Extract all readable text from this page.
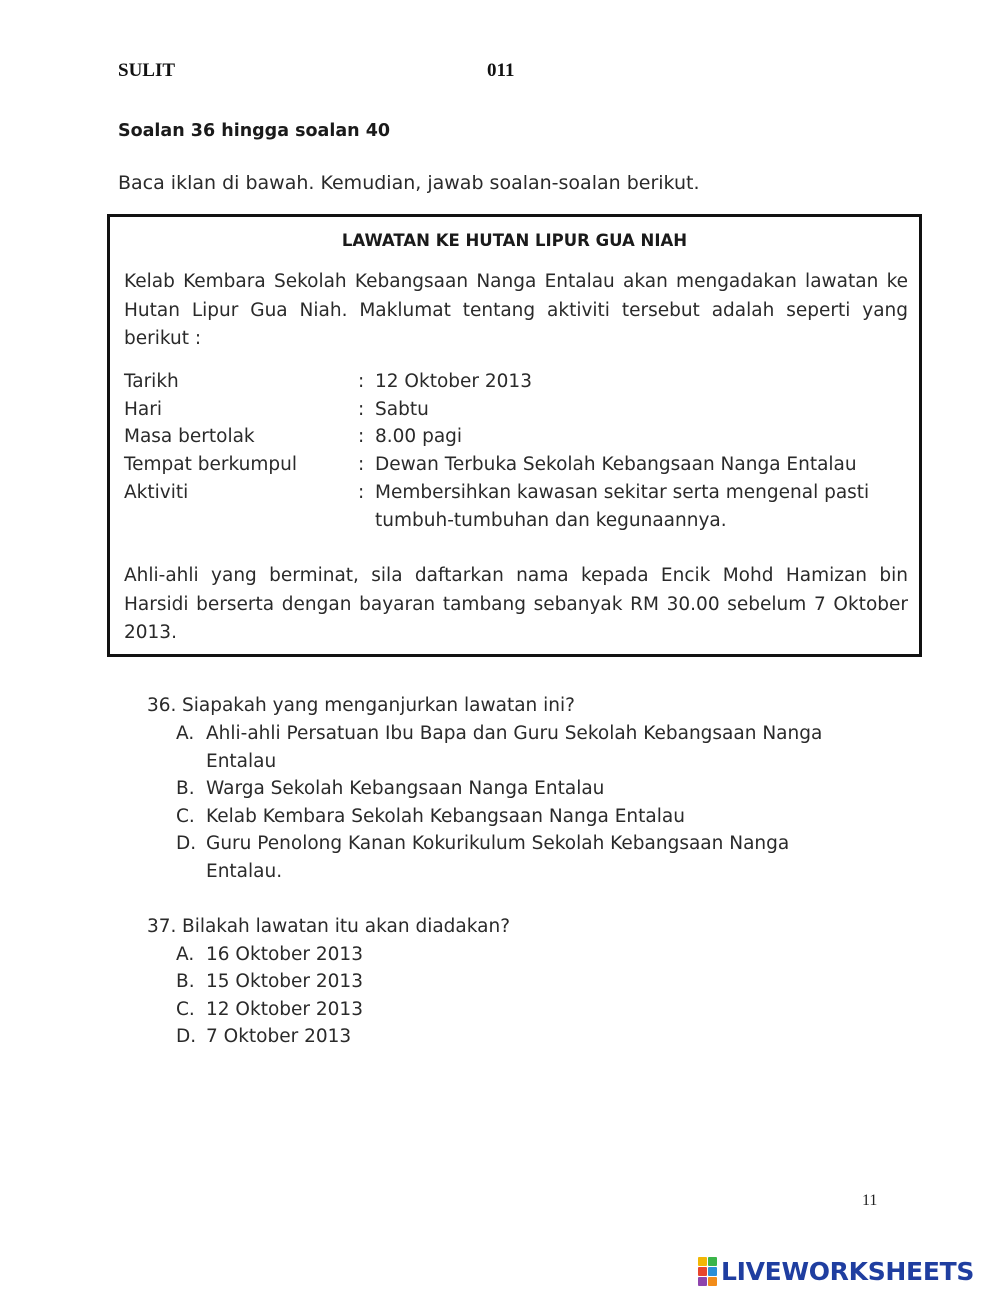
SULIT	011
Soalan 36 hingga soalan 40
Baca iklan di bawah. Kemudian, jawab soalan-soalan berikut.
LAWATAN KE HUTAN LIPUR GUA NIAH
Kelab Kembara Sekolah Kebangsaan Nanga Entalau akan mengadakan lawatan ke Hutan Lipur Gua Niah. Maklumat tentang aktiviti tersebut adalah seperti yang berikut :
Tarikh	: 12 Oktober 2013
Hari	: Sabtu
Masa bertolak	: 8.00 pagi
Tempat berkumpul	: Dewan Terbuka Sekolah Kebangsaan Nanga Entalau
Aktiviti	: Membersihkan kawasan sekitar serta mengenal pasti tumbuh-tumbuhan dan kegunaannya.
Ahli-ahli yang berminat, sila daftarkan nama kepada Encik Mohd Hamizan bin Harsidi berserta dengan bayaran tambang sebanyak RM 30.00 sebelum 7 Oktober 2013.
36. Siapakah yang menganjurkan lawatan ini?
A. Ahli-ahli Persatuan Ibu Bapa dan Guru Sekolah Kebangsaan Nanga Entalau
B. Warga Sekolah Kebangsaan Nanga Entalau
C. Kelab Kembara Sekolah Kebangsaan Nanga Entalau
D. Guru Penolong Kanan Kokurikulum Sekolah Kebangsaan Nanga Entalau.
37. Bilakah lawatan itu akan diadakan?
A. 16 Oktober 2013
B. 15 Oktober 2013
C. 12 Oktober 2013
D. 7 Oktober 2013
11
LIVEWORKSHEETS
